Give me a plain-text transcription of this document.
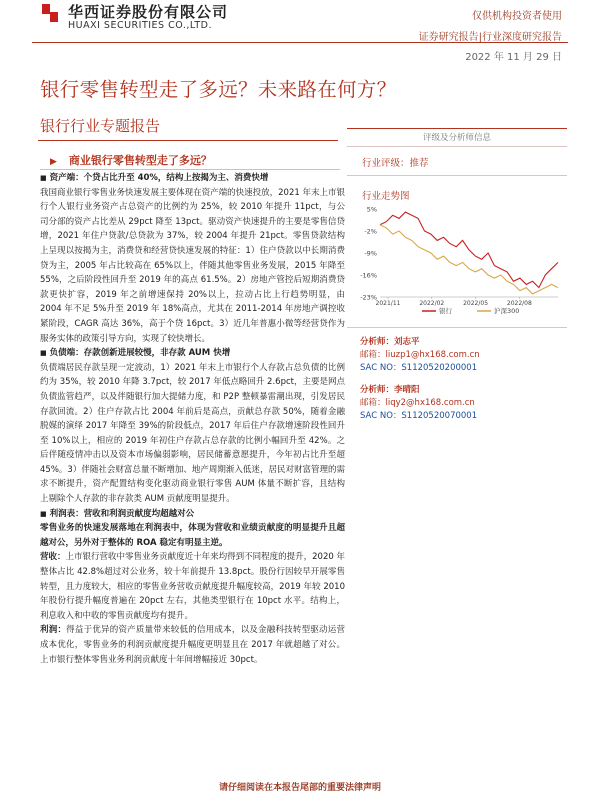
华西证券股份有限公司
HUAXI SECURITIES CO.,LTD.
仅供机构投资者使用
证券研究报告|行业深度研究报告
2022 年 11 月 29 日
银行零售转型走了多远？未来路在何方？
银行行业专题报告
▶ 商业银行零售转型走了多远？

■ 资产端：个贷占比升至 40%，结构上按揭为主、消费快增
我国商业银行零售业务快速发展主要体现在资产端的快速投放，2021 年末上市银行个人银行业务资产占总资产的比例约为 25%，较 2010 年提升 11pct，与公司分部的资产占比差从 29pct 降至 13pct。驱动资产快速提升的主要是零售信贷增，2021 年住户贷款/总贷款为 37%，较 2004 年提升 21pct。零售贷款结构上呈现以按揭为主，消费贷和经营贷快速发展的特征：1）住户贷款以中长期消费贷为主，2005 年占比较高在 65%以上，伴随其他零售业务发展，2015 年降至 55%，之后阶段性回升至 2019 年的高点 61.5%。2）房地产管控后短期消费贷款更快扩容，2019 年之前增速保持 20%以上，拉动占比上行趋势明显，由 2004 年不足 5%升至 2019 年 18%高点，尤其在 2011-2014 年房地产调控收紧阶段，CAGR 高达 36%，高于个贷 16pct。3）近几年普惠小微等经营贷作为服务实体的政策引导方向，实现了较快增长。

■ 负债端：存款创新进展较慢，非存款 AUM 快增
负债端居民存款呈现一定波动，1）2021 年末上市银行个人存款占总负债的比例约为 35%，较 2010 年降 3.7pct，较 2017 年低点略回升 2.6pct，主要是网点负债监管趋严，以及伴随银行加大提储力度，和 P2P 整顿暴雷潮出现，引发居民存款回流。2）住户存款占比 2004 年前后是高点，贡献总存款 50%，随着金融脱媒的演绎 2017 年降至 39%的阶段低点，2017 年后住户存款增速阶段性回升至 10%以上，相应的 2019 年初住户存款占总存款的比例小幅回升至 42%。之后伴随疫情冲击以及资本市场偏弱影响，居民储蓄意愿提升，今年初占比升至超 45%。3）伴随社会财富总量不断增加、地产周期渐入低迷，居民对财富管理的需求不断提升，资产配置结构变化驱动商业银行零售 AUM 体量不断扩容，且结构上剔除个人存款的非存款类 AUM 贡献度明显提升。

■ 利润表：营收和利润贡献度均超越对公
零售业务的快速发展落地在利润表中，体现为营收和业绩贡献度的明显提升且超越对公，另外对于整体的 ROA 稳定有明显主逆。
营收：上市银行营收中零售业务贡献度近十年来均得到不同程度的提升，2020 年整体占比 42.8%超过对公业务，较十年前提升 13.8pct。股份行因较早开展零售转型，且力度较大，相应的零售业务营收贡献度提升幅度较高，2019 年较 2010 年股份行提升幅度普遍在 20pct 左右，其他类型银行在 10pct 水平。结构上，利息收入和中收的零售贡献度均有提升。
利润：得益于优异的资产质量带来较低的信用成本，以及金融科技转型驱动运营成本优化，零售业务的利润贡献度提升幅度更明显且在 2017 年就超越了对公。上市银行整体零售业务利润贡献度十年间增幅接近 30pct。

评级及分析师信息
行业评级：推荐
行业走势图
5%
-2%
-9%
-16%
-23%
2021/11	2022/02	2022/05	2022/08
银行	沪深300
分析师：刘志平
邮箱：liuzp1@hx168.com.cn
SAC NO：S1120520200001
分析师：李晴阳
邮箱：liqy2@hx168.com.cn
SAC NO：S1120520070001
请仔细阅读在本报告尾部的重要法律声明
